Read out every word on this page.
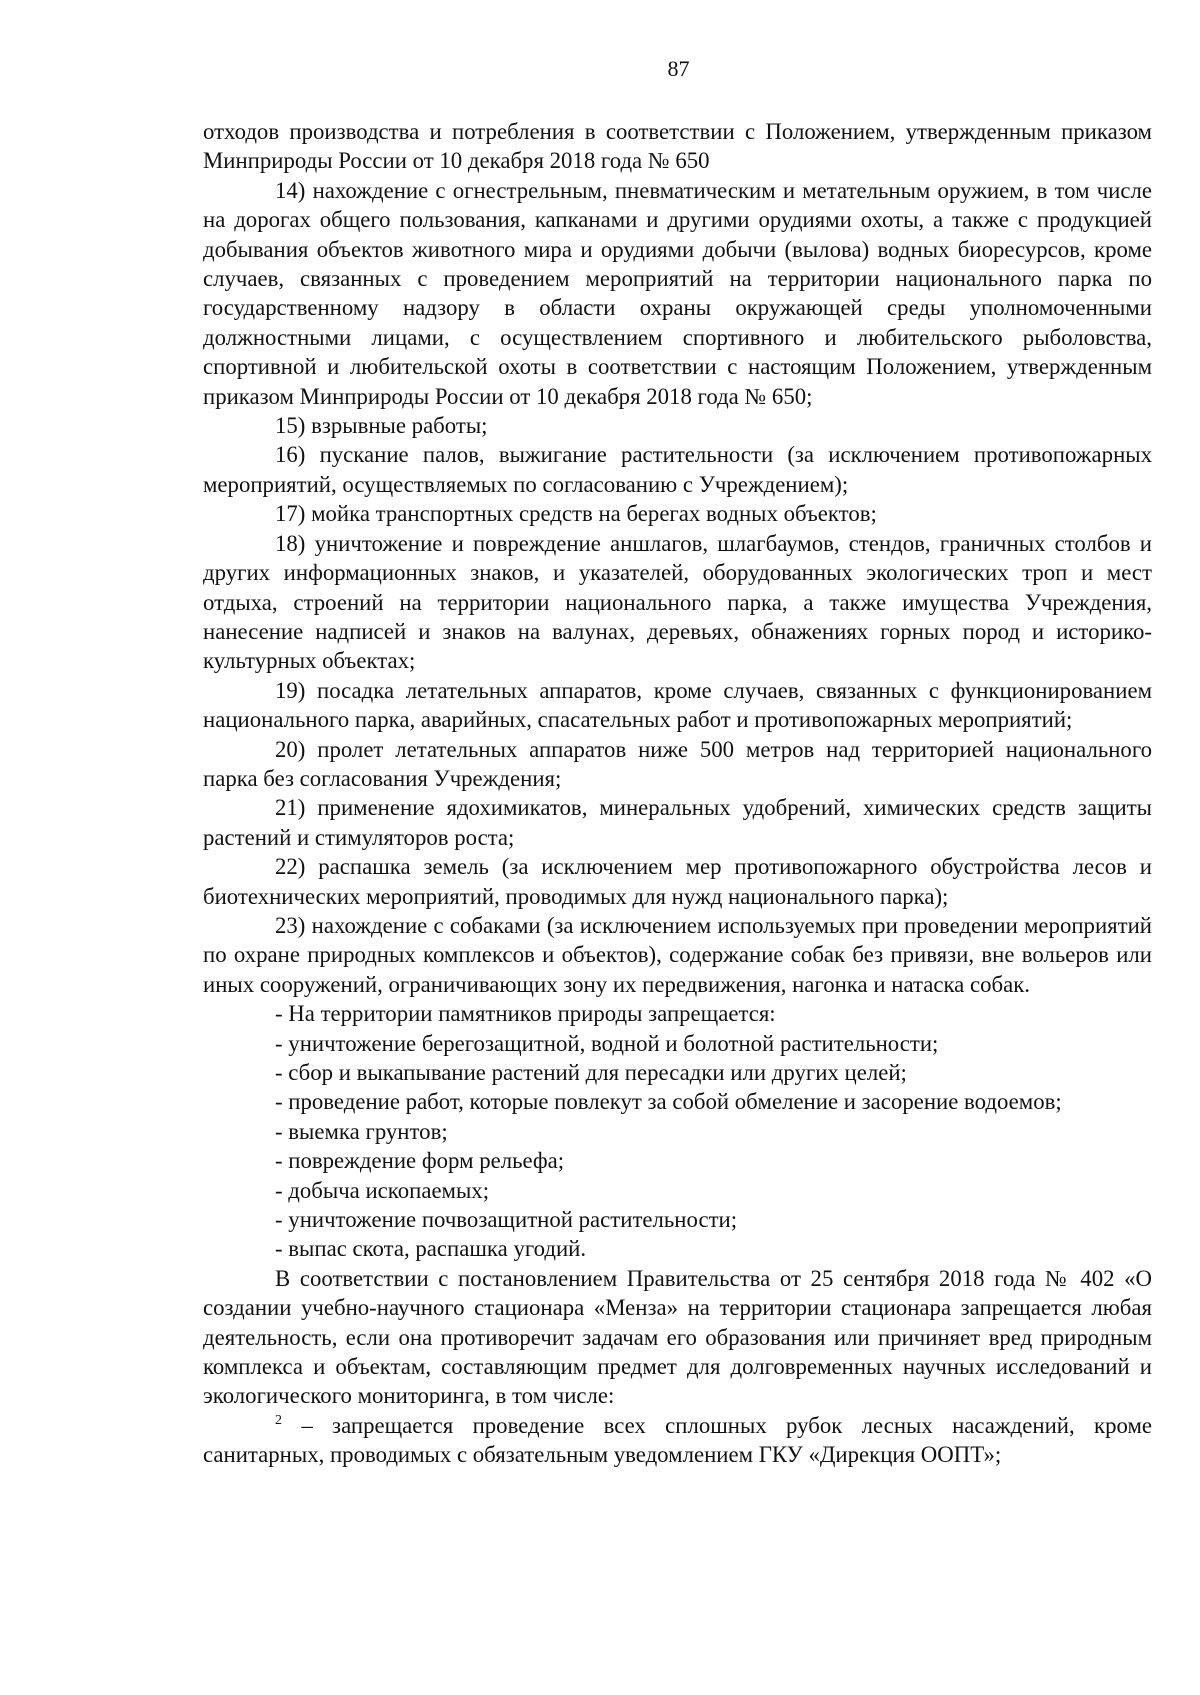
87

отходов производства и потребления в соответствии с Положением, утвержденным приказом Минприроды России от 10 декабря 2018 года № 650

14) нахождение с огнестрельным, пневматическим и метательным оружием, в том числе на дорогах общего пользования, капканами и другими орудиями охоты, а также с продукцией добывания объектов животного мира и орудиями добычи (вылова) водных биоресурсов, кроме случаев, связанных с проведением мероприятий на территории национального парка по государственному надзору в области охраны окружающей среды уполномоченными должностными лицами, с осуществлением спортивного и любительского рыболовства, спортивной и любительской охоты в соответствии с настоящим Положением, утвержденным приказом Минприроды России от 10 декабря 2018 года № 650;

15) взрывные работы;

16) пускание палов, выжигание растительности (за исключением противопожарных мероприятий, осуществляемых по согласованию с Учреждением);

17) мойка транспортных средств на берегах водных объектов;

18) уничтожение и повреждение аншлагов, шлагбаумов, стендов, граничных столбов и других информационных знаков, и указателей, оборудованных экологических троп и мест отдыха, строений на территории национального парка, а также имущества Учреждения, нанесение надписей и знаков на валунах, деревьях, обнажениях горных пород и историко-культурных объектах;

19) посадка летательных аппаратов, кроме случаев, связанных с функционированием национального парка, аварийных, спасательных работ и противопожарных мероприятий;

20) пролет летательных аппаратов ниже 500 метров над территорией национального парка без согласования Учреждения;

21) применение ядохимикатов, минеральных удобрений, химических средств защиты растений и стимуляторов роста;

22) распашка земель (за исключением мер противопожарного обустройства лесов и биотехнических мероприятий, проводимых для нужд национального парка);

23) нахождение с собаками (за исключением используемых при проведении мероприятий по охране природных комплексов и объектов), содержание собак без привязи, вне вольеров или иных сооружений, ограничивающих зону их передвижения, нагонка и натаска собак.

- На территории памятников природы запрещается:

- уничтожение берегозащитной, водной и болотной растительности;

- сбор и выкапывание растений для пересадки или других целей;

- проведение работ, которые повлекут за собой обмеление и засорение водоемов;

- выемка грунтов;

- повреждение форм рельефа;

- добыча ископаемых;

- уничтожение почвозащитной растительности;

- выпас скота, распашка угодий.

В соответствии с постановлением Правительства от 25 сентября 2018 года № 402 «О создании учебно-научного стационара «Менза» на территории стационара запрещается любая деятельность, если она противоречит задачам его образования или причиняет вред природным комплекса и объектам, составляющим предмет для долговременных научных исследований и экологического мониторинга, в том числе:

$^2$ – запрещается проведение всех сплошных рубок лесных насаждений, кроме санитарных, проводимых с обязательным уведомлением ГКУ «Дирекция ООПТ»;
